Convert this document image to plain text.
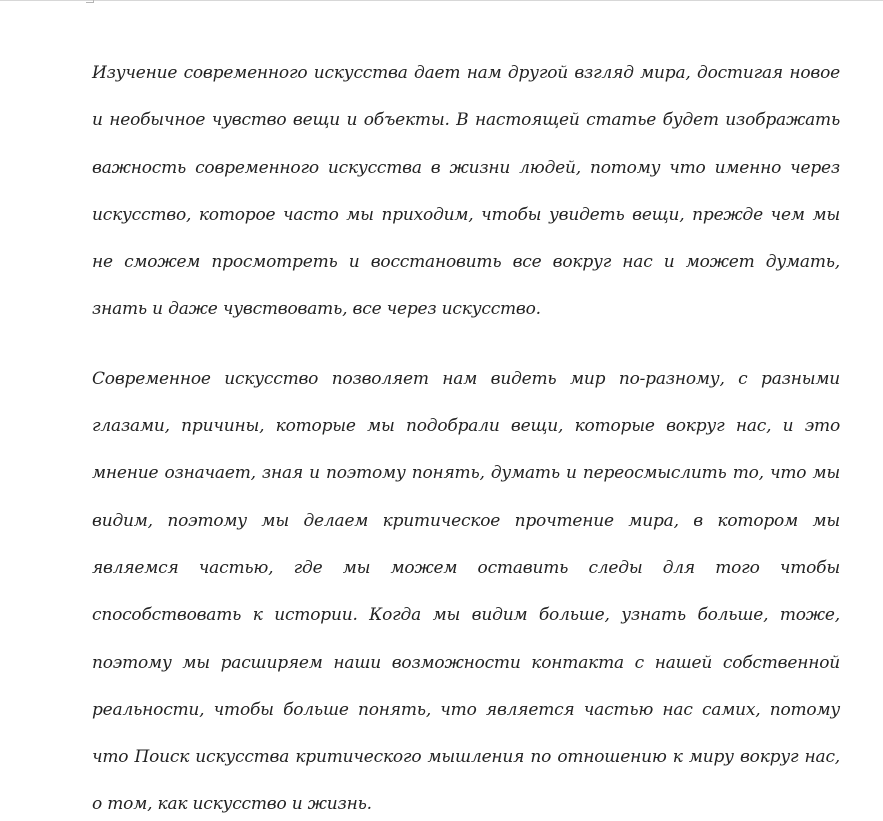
Изучение современного искусства дает нам другой взгляд мира, достигая новое и необычное чувство вещи и объекты. В настоящей статье будет изображать важность современного искусства в жизни людей, потому что именно через искусство, которое часто мы приходим, чтобы увидеть вещи, прежде чем мы не сможем просмотреть и восстановить все вокруг нас и может думать, знать и даже чувствовать, все через искусство.

Современное искусство позволяет нам видеть мир по-разному, с разными глазами, причины, которые мы подобрали вещи, которые вокруг нас, и это мнение означает, зная и поэтому понять, думать и переосмыслить то, что мы видим, поэтому мы делаем критическое прочтение мира, в котором мы являемся частью, где мы можем оставить следы для того чтобы способствовать к истории. Когда мы видим больше, узнать больше, тоже, поэтому мы расширяем наши возможности контакта с нашей собственной реальности, чтобы больше понять, что является частью нас самих, потому что Поиск искусства критического мышления по отношению к миру вокруг нас, о том, как искусство и жизнь.
